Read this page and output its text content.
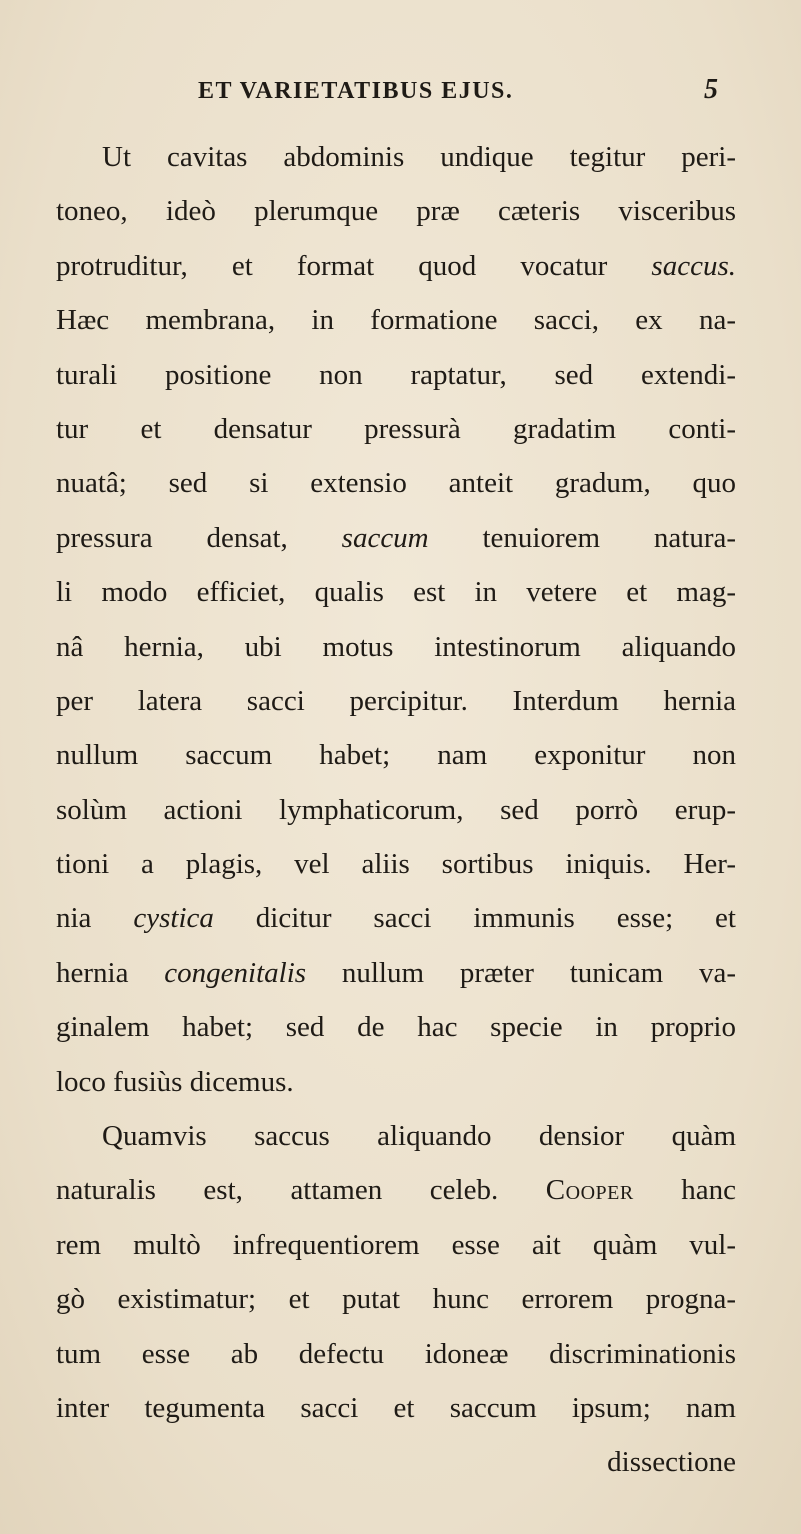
ET VARIETATIBUS EJUS.	5
Ut cavitas abdominis undique tegitur peri-
toneo, ideò plerumque præ cæteris visceribus
protruditur, et format quod vocatur saccus.
Hæc membrana, in formatione sacci, ex na-
turali positione non raptatur, sed extendi-
tur et densatur pressurà gradatim conti-
nuatâ; sed si extensio anteit gradum, quo
pressura densat, saccum tenuiorem natura-
li modo efficiet, qualis est in vetere et mag-
nâ hernia, ubi motus intestinorum aliquando
per latera sacci percipitur. Interdum hernia
nullum saccum habet; nam exponitur non
solùm actioni lymphaticorum, sed porrò erup-
tioni a plagis, vel aliis sortibus iniquis. Her-
nia cystica dicitur sacci immunis esse; et
hernia congenitalis nullum præter tunicam va-
ginalem habet; sed de hac specie in proprio
loco fusiùs dicemus.
Quamvis saccus aliquando densior quàm
naturalis est, attamen celeb. Cooper hanc
rem multò infrequentiorem esse ait quàm vul-
gò existimatur; et putat hunc errorem progna-
tum esse ab defectu idoneæ discriminationis
inter tegumenta sacci et saccum ipsum; nam
dissectione
